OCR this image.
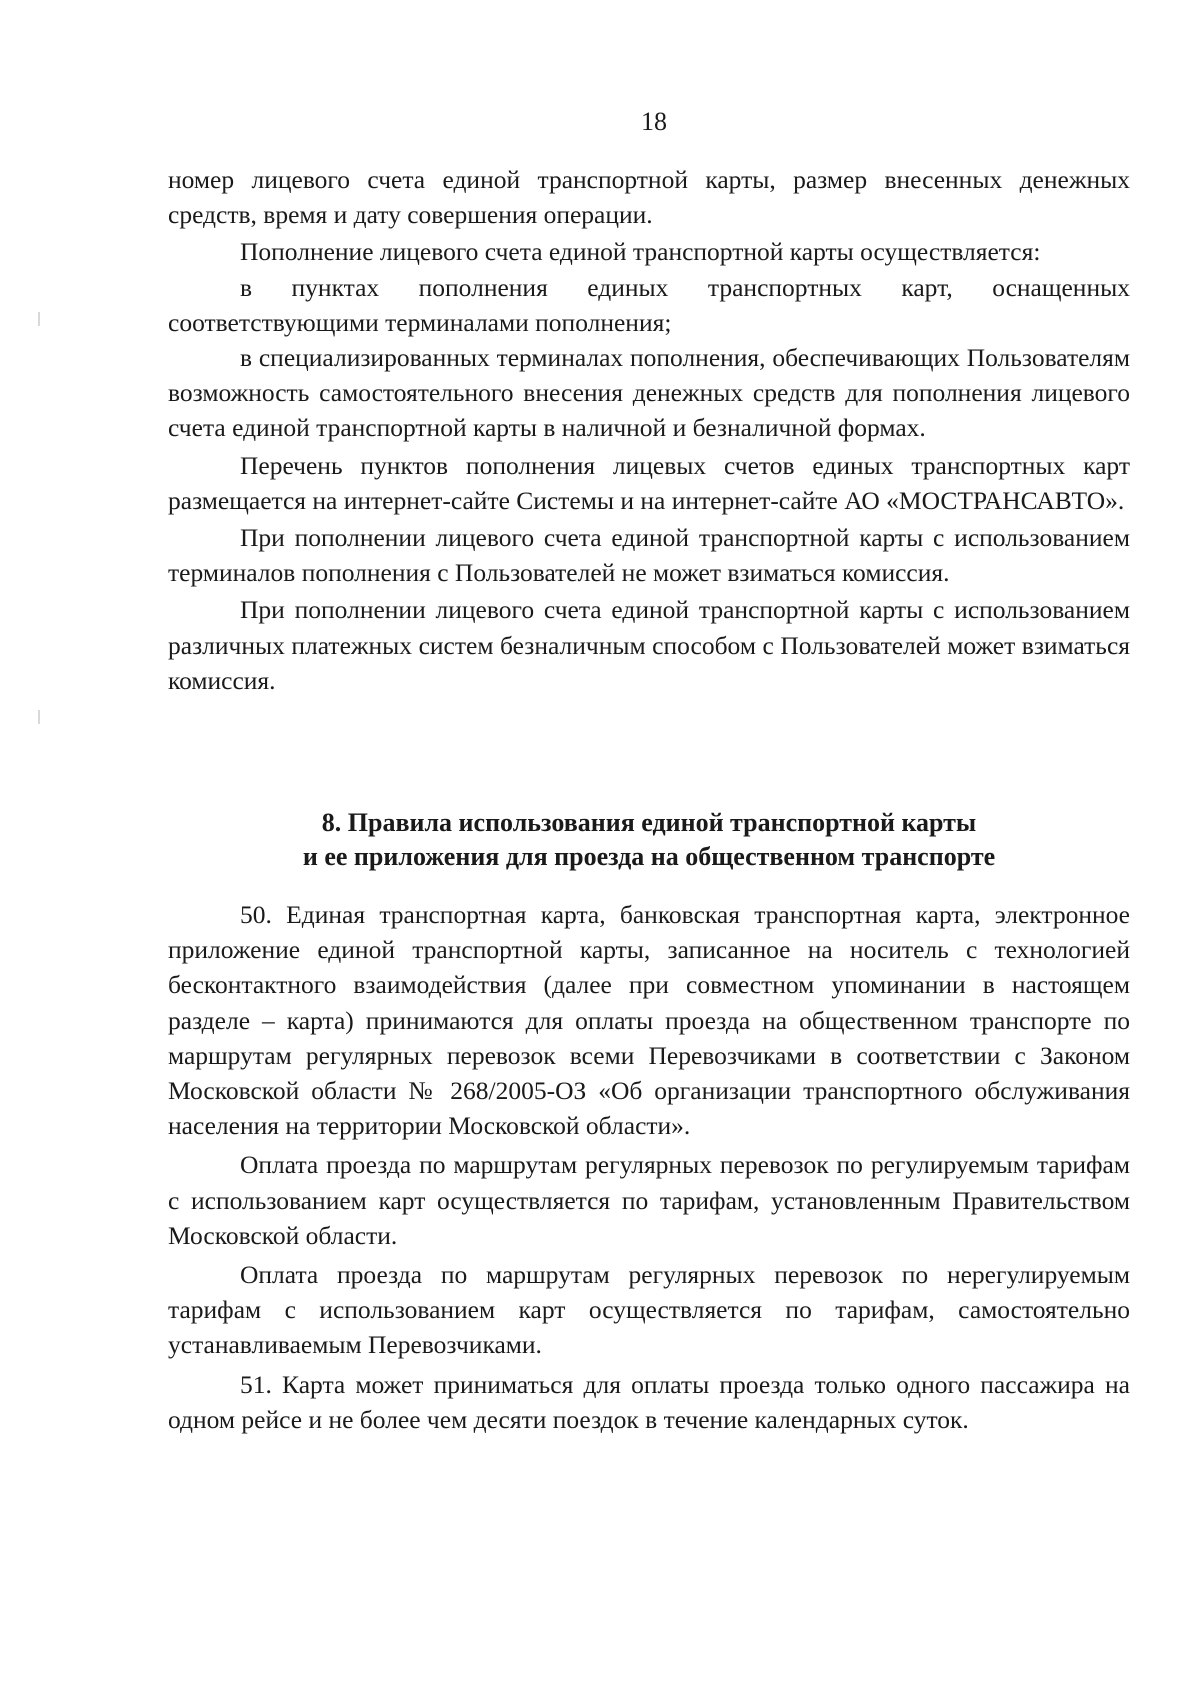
18

номер лицевого счета единой транспортной карты, размер внесенных денежных средств, время и дату совершения операции.

Пополнение лицевого счета единой транспортной карты осуществляется:

в пунктах пополнения единых транспортных карт, оснащенных соответствующими терминалами пополнения;

в специализированных терминалах пополнения, обеспечивающих Пользователям возможность самостоятельного внесения денежных средств для пополнения лицевого счета единой транспортной карты в наличной и безналичной формах.

Перечень пунктов пополнения лицевых счетов единых транспортных карт размещается на интернет-сайте Системы и на интернет-сайте АО «МОСТРАНСАВТО».

При пополнении лицевого счета единой транспортной карты с использованием терминалов пополнения с Пользователей не может взиматься комиссия.

При пополнении лицевого счета единой транспортной карты с использованием различных платежных систем безналичным способом с Пользователей может взиматься комиссия.

8. Правила использования единой транспортной карты

и ее приложения для проезда на общественном транспорте

50. Единая транспортная карта, банковская транспортная карта, электронное приложение единой транспортной карты, записанное на носитель с технологией бесконтактного взаимодействия (далее при совместном упоминании в настоящем разделе – карта) принимаются для оплаты проезда на общественном транспорте по маршрутам регулярных перевозок всеми Перевозчиками в соответствии с Законом Московской области № 268/2005-ОЗ «Об организации транспортного обслуживания населения на территории Московской области».

Оплата проезда по маршрутам регулярных перевозок по регулируемым тарифам с использованием карт осуществляется по тарифам, установленным Правительством Московской области.

Оплата проезда по маршрутам регулярных перевозок по нерегулируемым тарифам с использованием карт осуществляется по тарифам, самостоятельно устанавливаемым Перевозчиками.

51. Карта может приниматься для оплаты проезда только одного пассажира на одном рейсе и не более чем десяти поездок в течение календарных суток.
